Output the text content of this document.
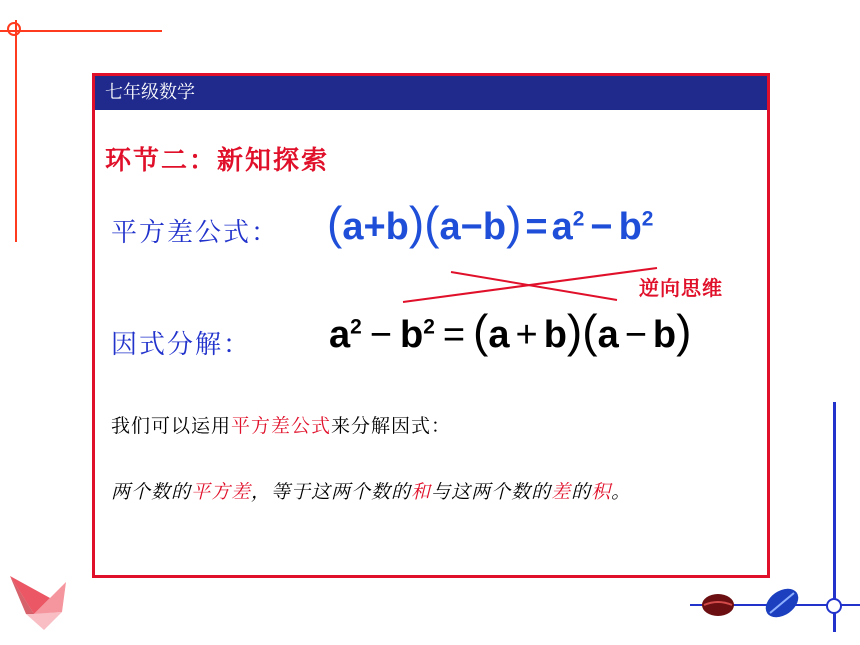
七年级数学
环节二：新知探索
平方差公式： $(a+b)(a-b) = a^2 - b^2$
逆向思维
因式分解： $a^2 - b^2 = (a + b)(a - b)$
我们可以运用平方差公式来分解因式：
两个数的平方差，等于这两个数的和与这两个数的差的积。
